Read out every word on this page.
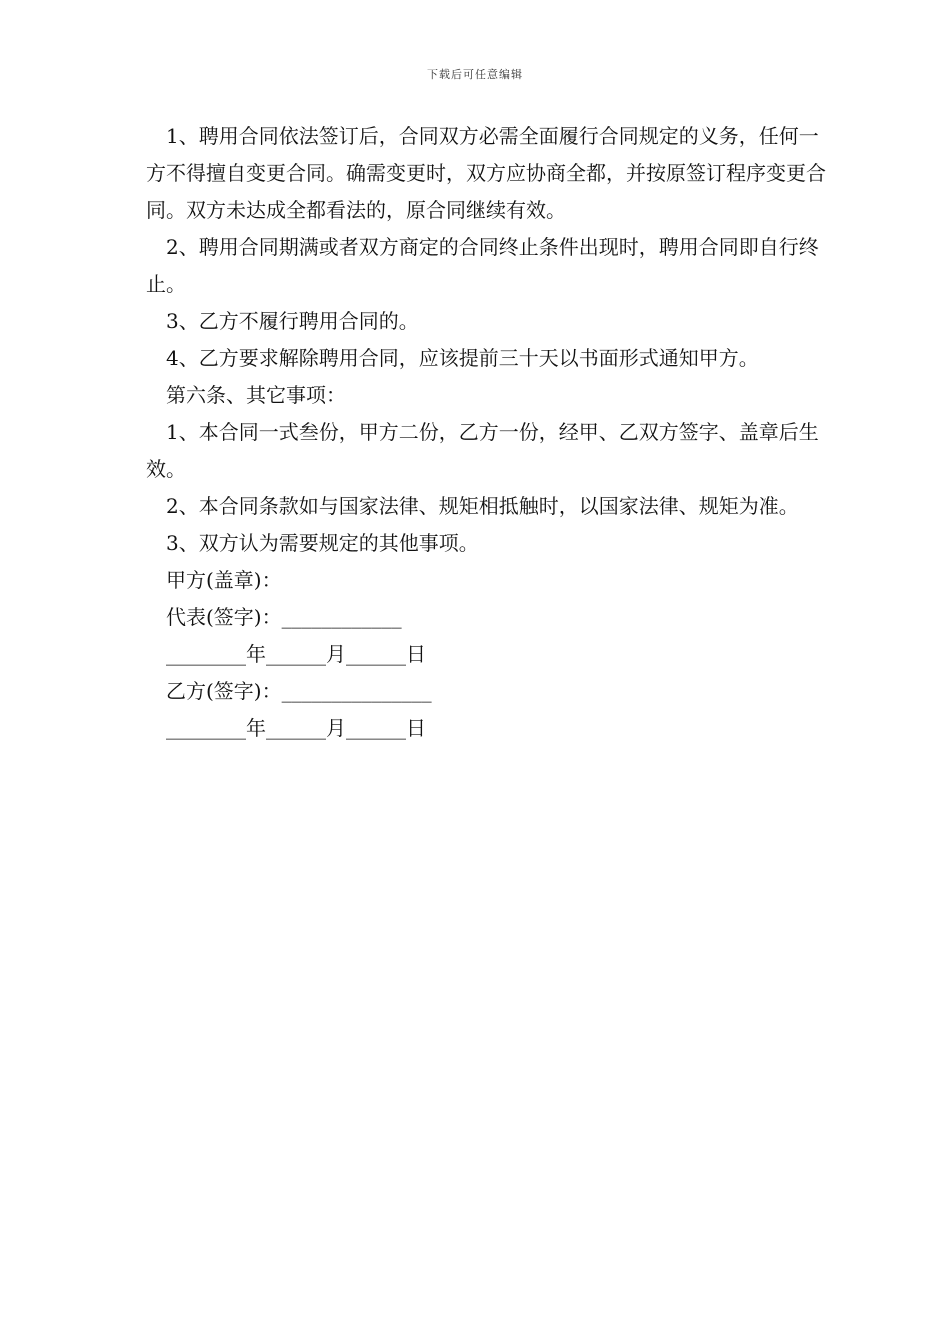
下载后可任意编辑

1、聘用合同依法签订后，合同双方必需全面履行合同规定的义务，任何一方不得擅自变更合同。确需变更时，双方应协商全都，并按原签订程序变更合同。双方未达成全都看法的，原合同继续有效。

2、聘用合同期满或者双方商定的合同终止条件出现时，聘用合同即自行终止。

3、乙方不履行聘用合同的。

4、乙方要求解除聘用合同，应该提前三十天以书面形式通知甲方。

第六条、其它事项：

1、本合同一式叁份，甲方二份，乙方一份，经甲、乙双方签字、盖章后生效。

2、本合同条款如与国家法律、规矩相抵触时，以国家法律、规矩为准。

3、双方认为需要规定的其他事项。

甲方(盖章)：

代表(签字)：____________

________年______月______日

乙方(签字)：_______________

________年______月______日
